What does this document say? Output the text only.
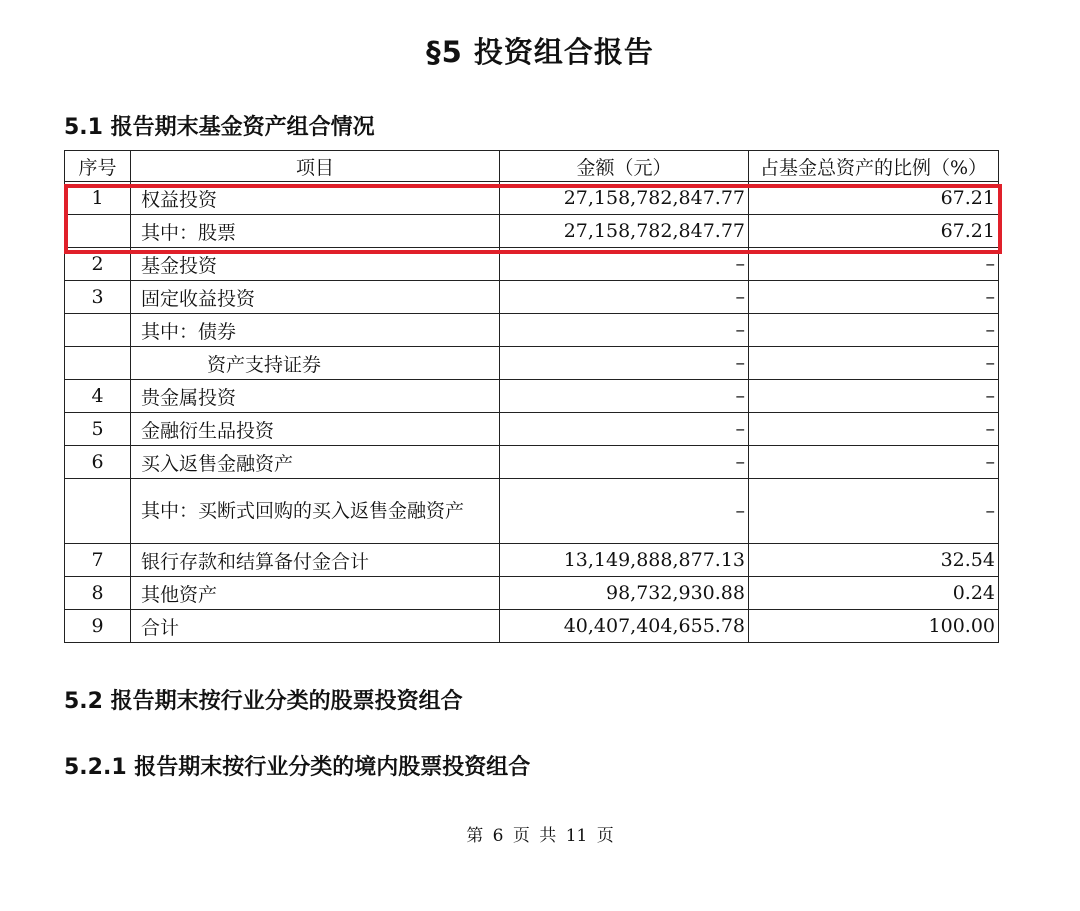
§5 投资组合报告
5.1 报告期末基金资产组合情况
序号	项目	金额（元）	占基金总资产的比例（%）
1	权益投资	27,158,782,847.77	67.21
	其中：股票	27,158,782,847.77	67.21
2	基金投资	–	–
3	固定收益投资	–	–
	其中：债券	–	–
	资产支持证券	–	–
4	贵金属投资	–	–
5	金融衍生品投资	–	–
6	买入返售金融资产	–	–
	其中：买断式回购的买入返售金融资产	–	–
7	银行存款和结算备付金合计	13,149,888,877.13	32.54
8	其他资产	98,732,930.88	0.24
9	合计	40,407,404,655.78	100.00
5.2 报告期末按行业分类的股票投资组合
5.2.1 报告期末按行业分类的境内股票投资组合
第 6 页 共 11 页
